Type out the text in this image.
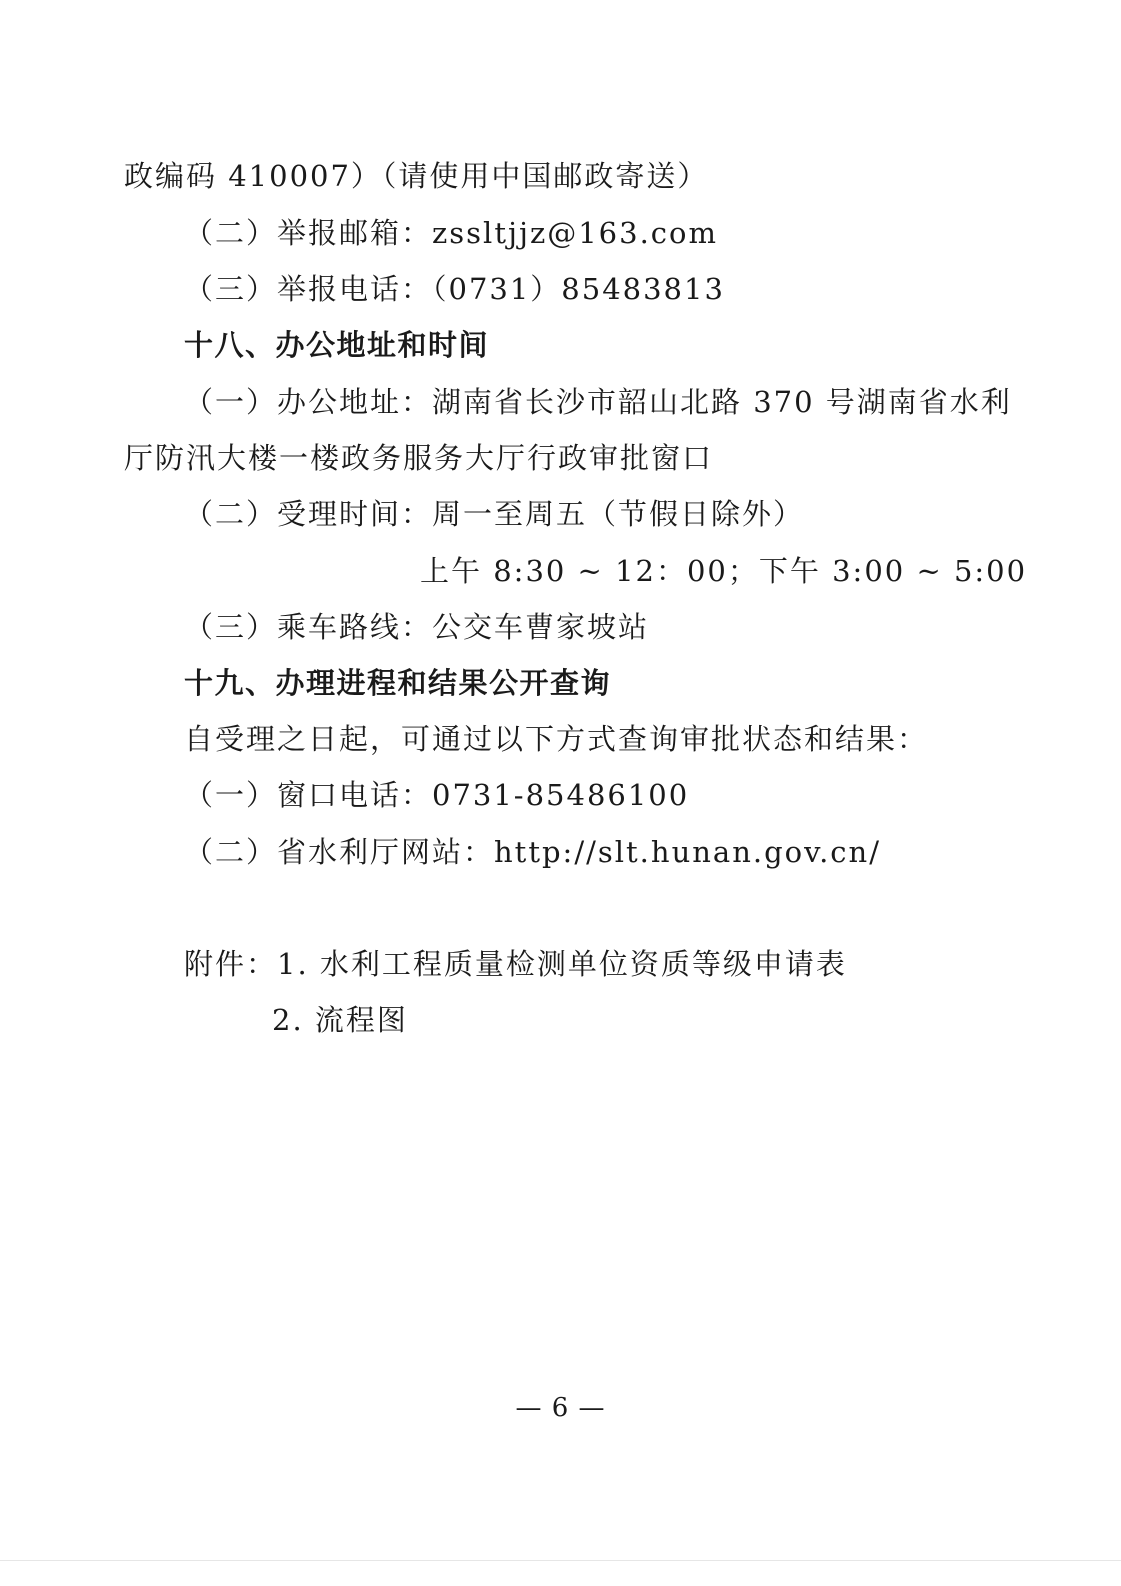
政编码 410007）（请使用中国邮政寄送）
（二）举报邮箱：zssltjjz@163.com
（三）举报电话：（0731）85483813
十八、办公地址和时间
（一）办公地址：湖南省长沙市韶山北路 370 号湖南省水利
厅防汛大楼一楼政务服务大厅行政审批窗口
（二）受理时间：周一至周五（节假日除外）
上午 8:30 ~ 12：00；下午 3:00 ~ 5:00
（三）乘车路线：公交车曹家坡站
十九、办理进程和结果公开查询
自受理之日起，可通过以下方式查询审批状态和结果：
（一）窗口电话：0731-85486100
（二）省水利厅网站：http://slt.hunan.gov.cn/
附件：1. 水利工程质量检测单位资质等级申请表
2. 流程图
— 6 —
